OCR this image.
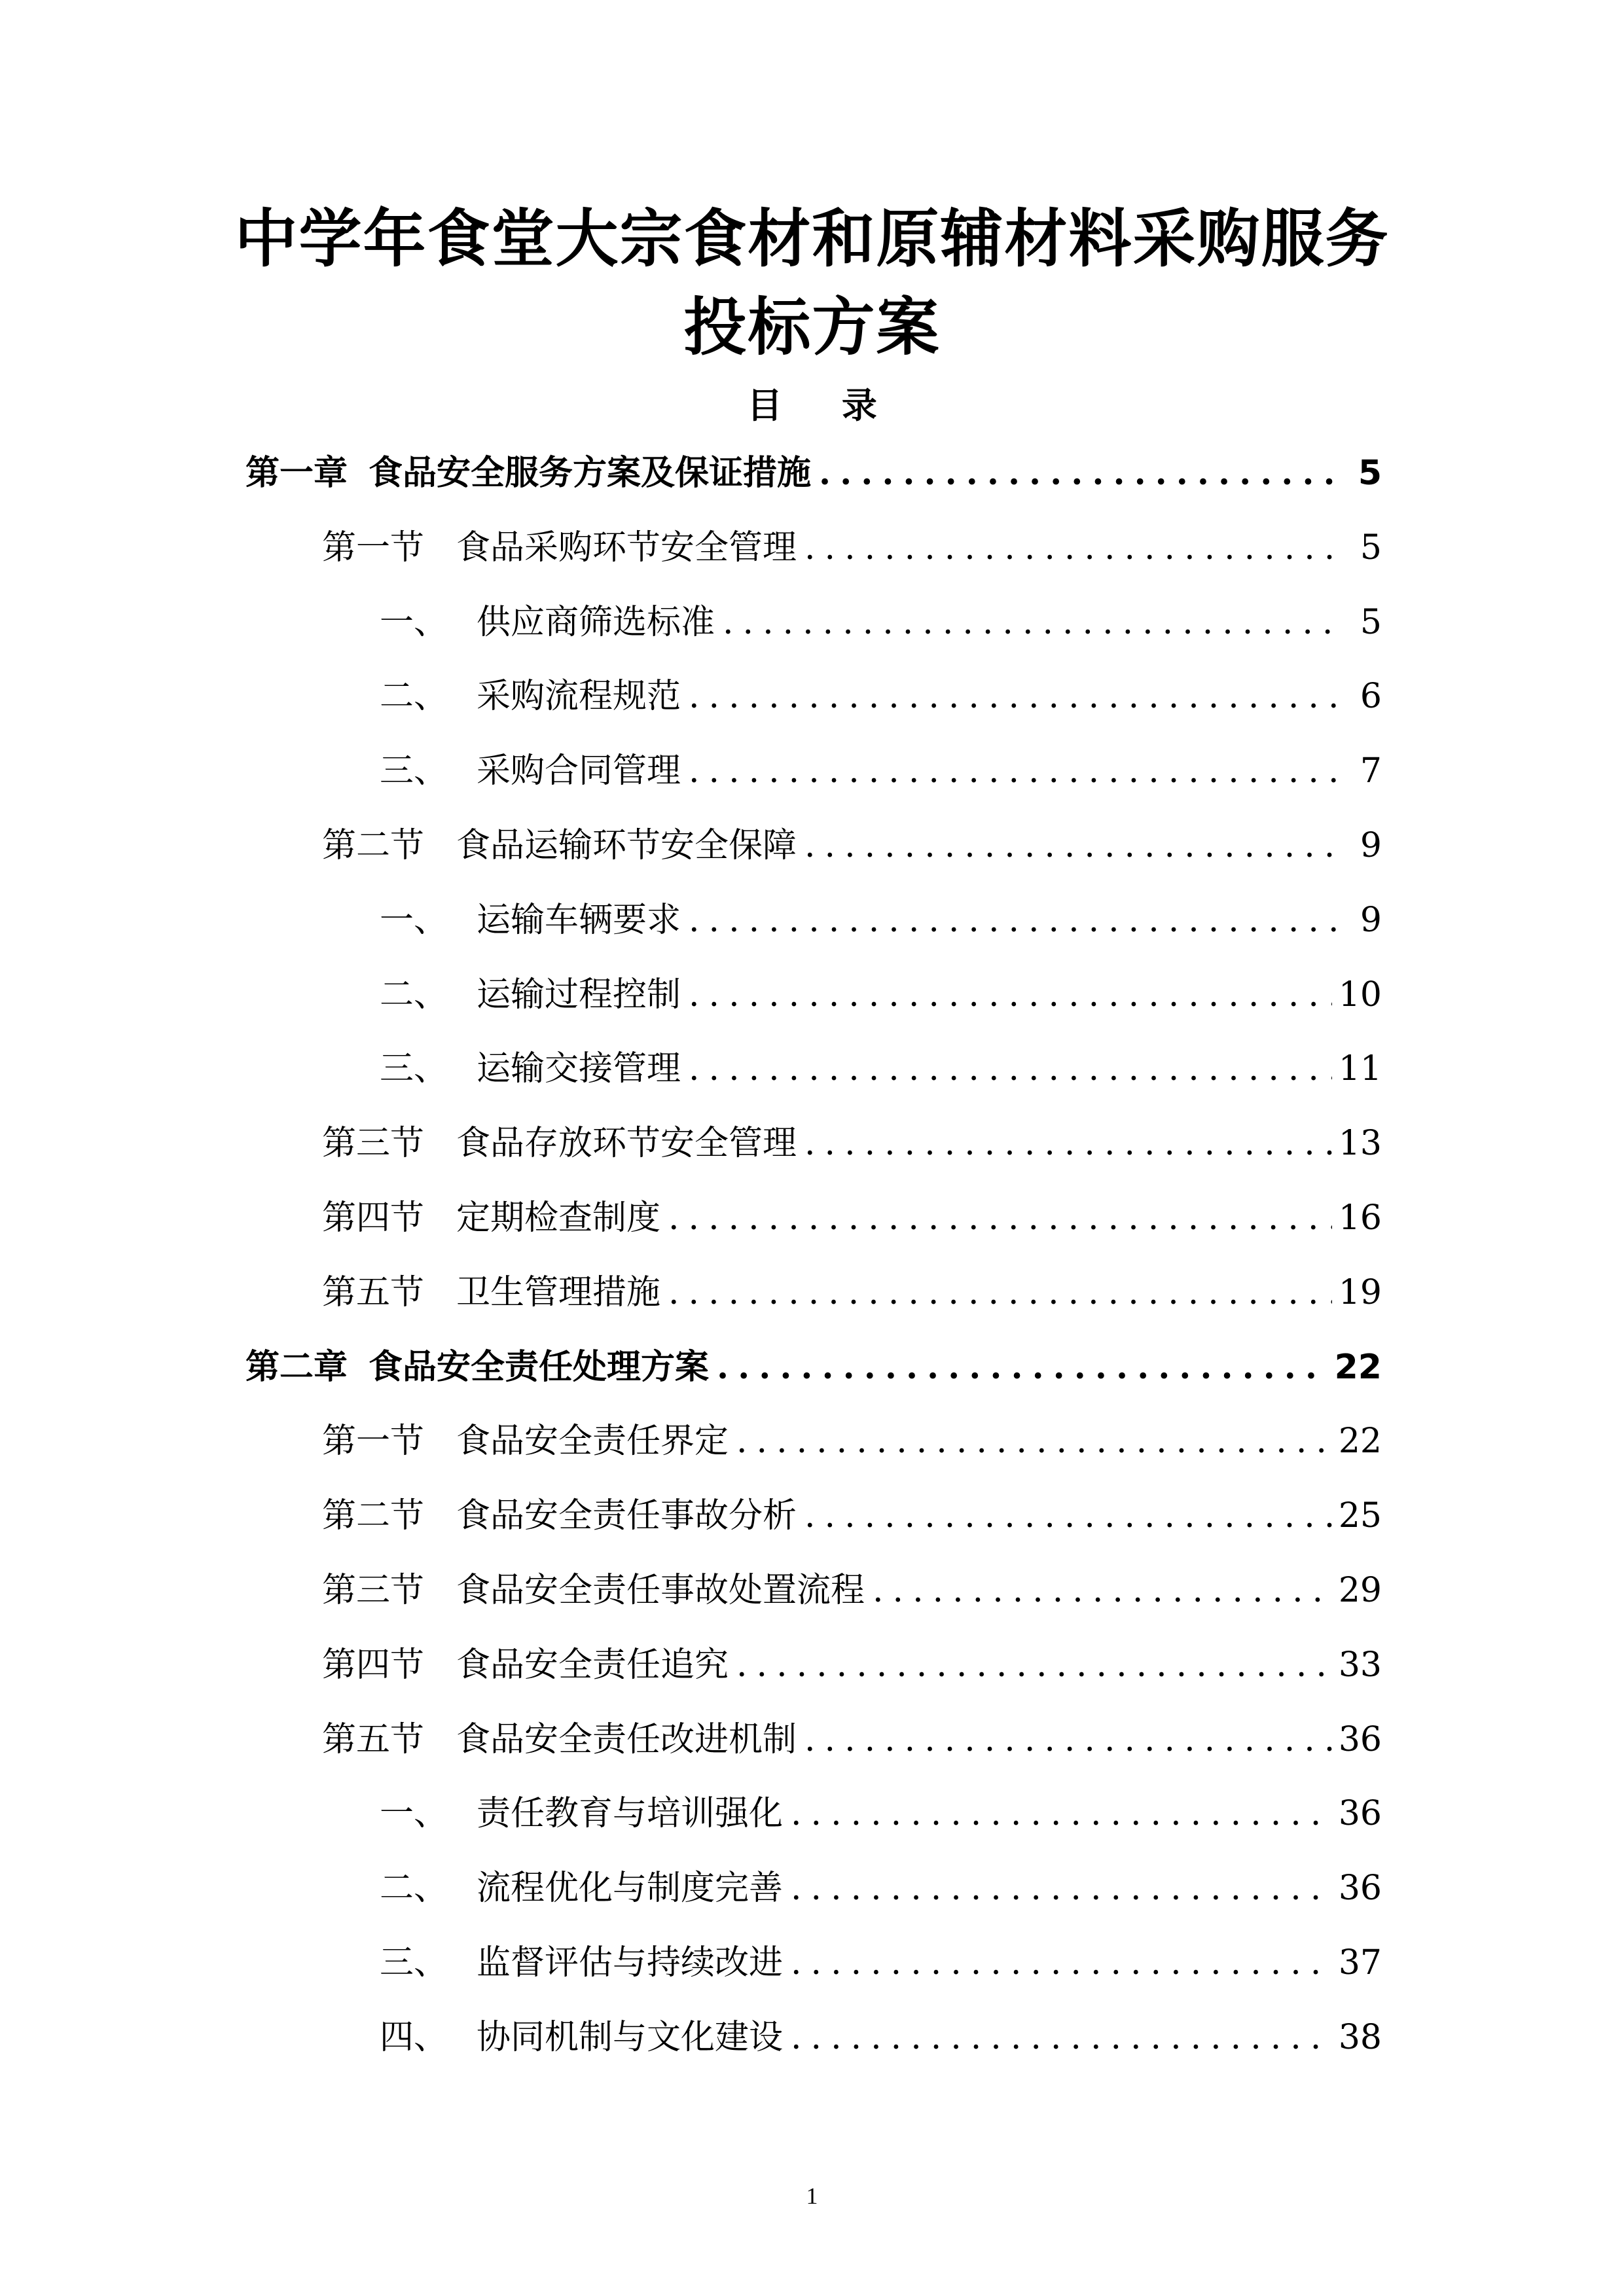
中学年食堂大宗食材和原辅材料采购服务
投标方案
目 录
第一章 食品安全服务方案及保证措施 .....	5
第一节 食品采购环节安全管理 .....	5
一、 供应商筛选标准 .....	5
二、 采购流程规范 .....	6
三、 采购合同管理 .....	7
第二节 食品运输环节安全保障 .....	9
一、 运输车辆要求 .....	9
二、 运输过程控制 .....	10
三、 运输交接管理 .....	11
第三节 食品存放环节安全管理 .....	13
第四节 定期检查制度 .....	16
第五节 卫生管理措施 .....	19
第二章 食品安全责任处理方案 .....	22
第一节 食品安全责任界定 .....	22
第二节 食品安全责任事故分析 .....	25
第三节 食品安全责任事故处置流程 .....	29
第四节 食品安全责任追究 .....	33
第五节 食品安全责任改进机制 .....	36
一、 责任教育与培训强化 .....	36
二、 流程优化与制度完善 .....	36
三、 监督评估与持续改进 .....	37
四、 协同机制与文化建设 .....	38
1
